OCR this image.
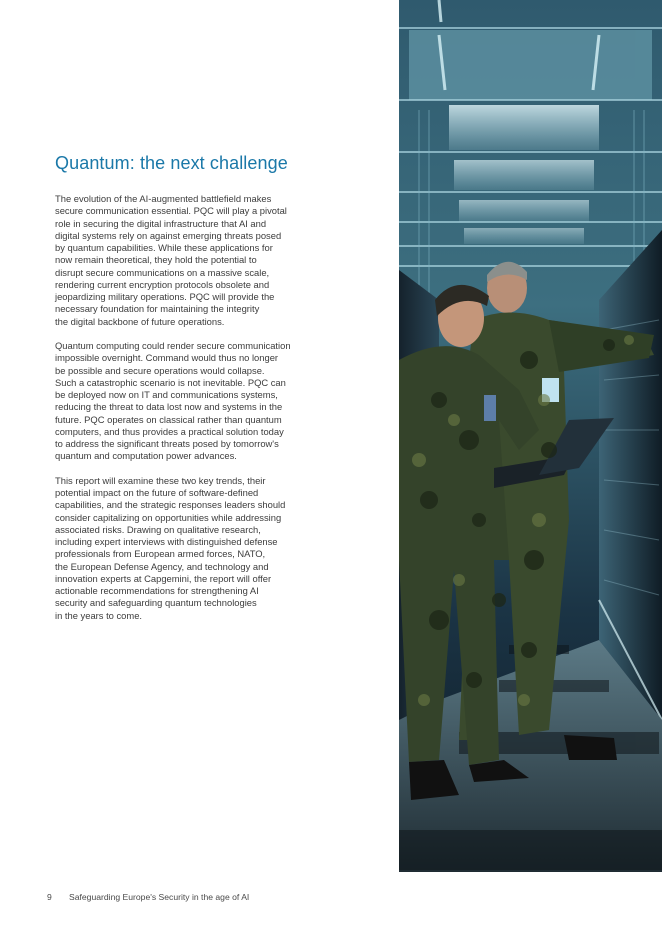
Quantum: the next challenge

The evolution of the AI-augmented battlefield makes
secure communication essential. PQC will play a pivotal
role in securing the digital infrastructure that AI and
digital systems rely on against emerging threats posed
by quantum capabilities. While these applications for
now remain theoretical, they hold the potential to
disrupt secure communications on a massive scale,
rendering current encryption protocols obsolete and
jeopardizing military operations. PQC will provide the
necessary foundation for maintaining the integrity
the digital backbone of future operations.

Quantum computing could render secure communication
impossible overnight. Command would thus no longer
be possible and secure operations would collapse.
Such a catastrophic scenario is not inevitable. PQC can
be deployed now on IT and communications systems,
reducing the threat to data lost now and systems in the
future. PQC operates on classical rather than quantum
computers, and thus provides a practical solution today
to address the significant threats posed by tomorrow's
quantum and computation power advances.

This report will examine these two key trends, their
potential impact on the future of software-defined
capabilities, and the strategic responses leaders should
consider capitalizing on opportunities while addressing
associated risks. Drawing on qualitative research,
including expert interviews with distinguished defense
professionals from European armed forces, NATO,
the European Defense Agency, and technology and
innovation experts at Capgemini, the report will offer
actionable recommendations for strengthening AI
security and safeguarding quantum technologies
in the years to come.

9 Safeguarding Europe's Security in the age of AI
